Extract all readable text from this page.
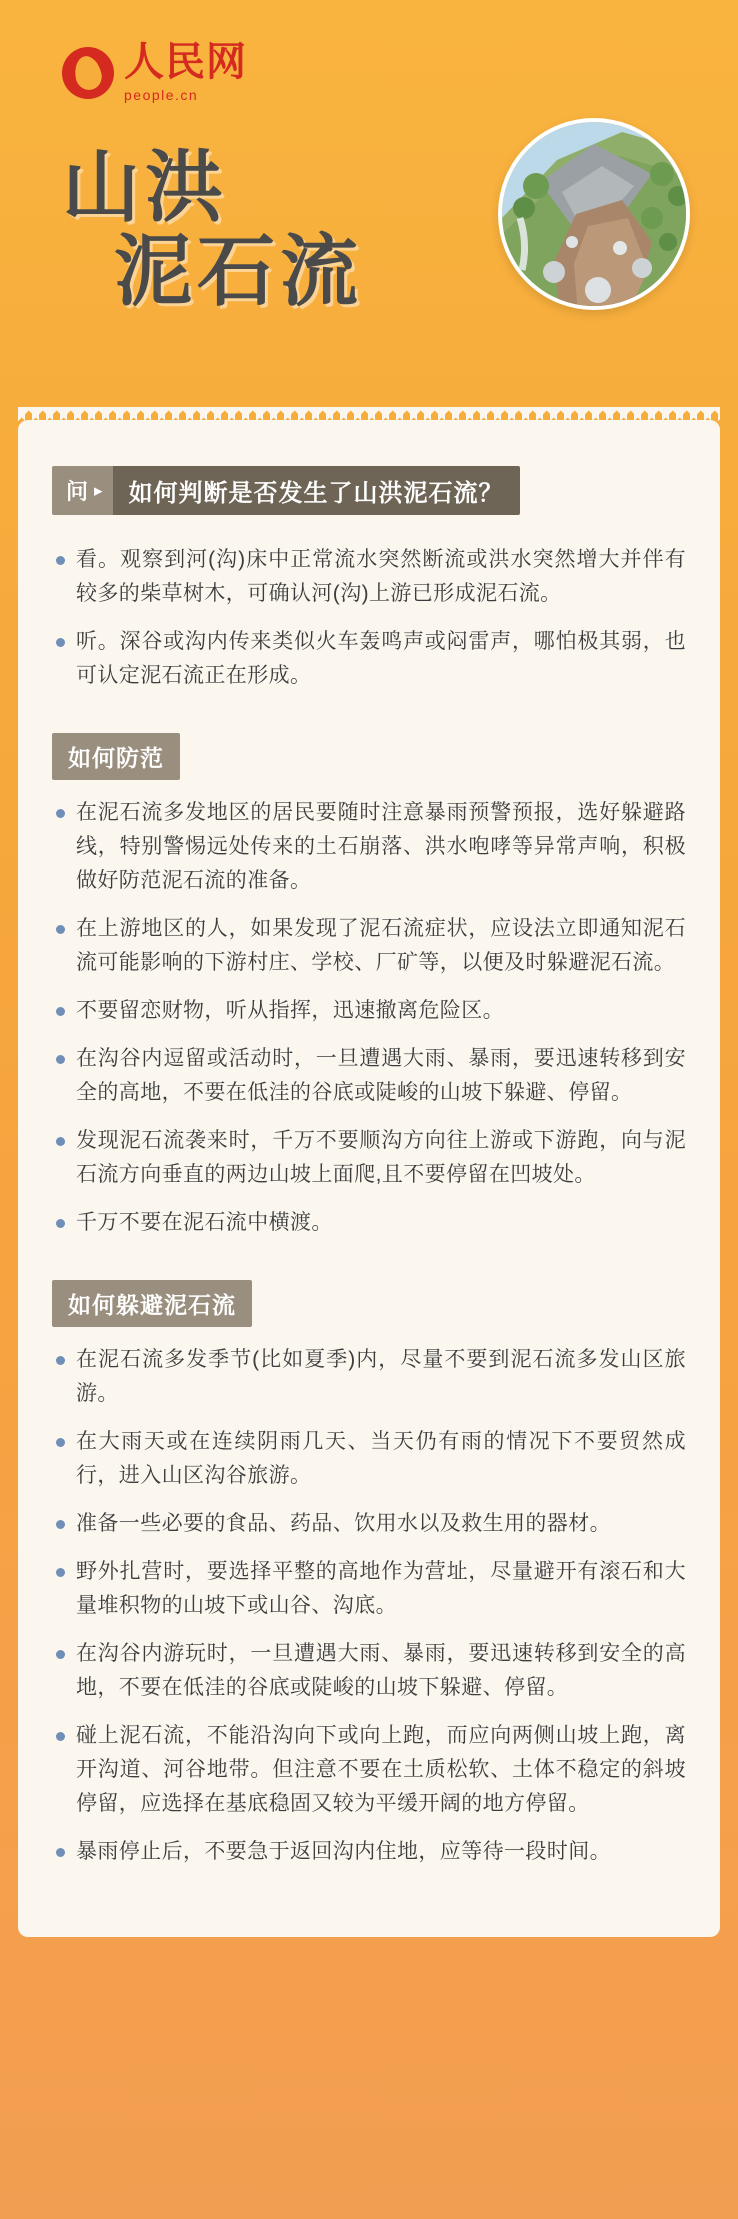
人民网
people.cn
山洪
泥石流
问 ▸	如何判断是否发生了山洪泥石流？
看。观察到河(沟)床中正常流水突然断流或洪水突然增大并伴有较多的柴草树木，可确认河(沟)上游已形成泥石流。
听。深谷或沟内传来类似火车轰鸣声或闷雷声，哪怕极其弱，也可认定泥石流正在形成。
如何防范
在泥石流多发地区的居民要随时注意暴雨预警预报，选好躲避路线，特别警惕远处传来的土石崩落、洪水咆哮等异常声响，积极做好防范泥石流的准备。
在上游地区的人，如果发现了泥石流症状，应设法立即通知泥石流可能影响的下游村庄、学校、厂矿等，以便及时躲避泥石流。
不要留恋财物，听从指挥，迅速撤离危险区。
在沟谷内逗留或活动时，一旦遭遇大雨、暴雨，要迅速转移到安全的高地，不要在低洼的谷底或陡峻的山坡下躲避、停留。
发现泥石流袭来时，千万不要顺沟方向往上游或下游跑，向与泥石流方向垂直的两边山坡上面爬,且不要停留在凹坡处。
千万不要在泥石流中横渡。
如何躲避泥石流
在泥石流多发季节(比如夏季)内，尽量不要到泥石流多发山区旅游。
在大雨天或在连续阴雨几天、当天仍有雨的情况下不要贸然成行，进入山区沟谷旅游。
准备一些必要的食品、药品、饮用水以及救生用的器材。
野外扎营时，要选择平整的高地作为营址，尽量避开有滚石和大量堆积物的山坡下或山谷、沟底。
在沟谷内游玩时，一旦遭遇大雨、暴雨，要迅速转移到安全的高地，不要在低洼的谷底或陡峻的山坡下躲避、停留。
碰上泥石流，不能沿沟向下或向上跑，而应向两侧山坡上跑，离开沟道、河谷地带。但注意不要在土质松软、土体不稳定的斜坡停留，应选择在基底稳固又较为平缓开阔的地方停留。
暴雨停止后，不要急于返回沟内住地，应等待一段时间。
